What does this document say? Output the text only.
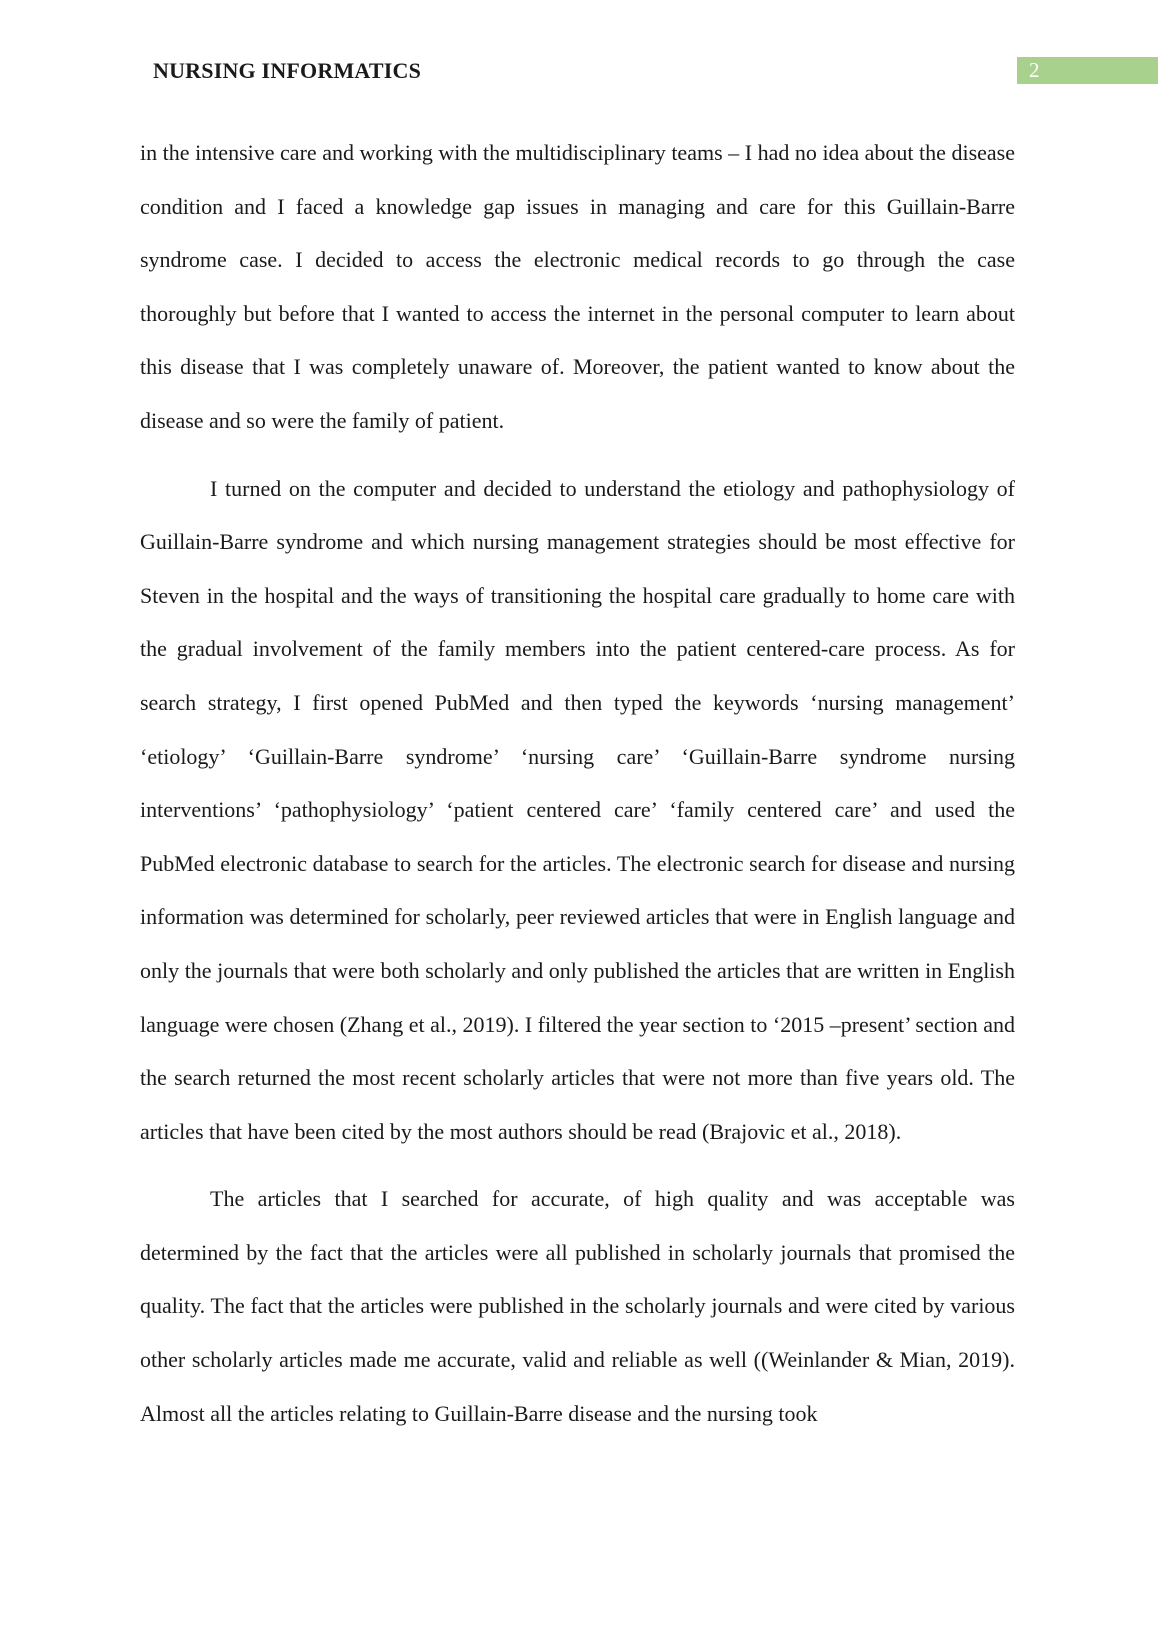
NURSING INFORMATICS	2

in the intensive care and working with the multidisciplinary teams – I had no idea about the disease condition and I faced a knowledge gap issues in managing and care for this Guillain-Barre syndrome case. I decided to access the electronic medical records to go through the case thoroughly but before that I wanted to access the internet in the personal computer to learn about this disease that I was completely unaware of. Moreover, the patient wanted to know about the disease and so were the family of patient.

I turned on the computer and decided to understand the etiology and pathophysiology of Guillain-Barre syndrome and which nursing management strategies should be most effective for Steven in the hospital and the ways of transitioning the hospital care gradually to home care with the gradual involvement of the family members into the patient centered-care process. As for search strategy, I first opened PubMed and then typed the keywords ‘nursing management’ ‘etiology’ ‘Guillain-Barre syndrome’ ‘nursing care’ ‘Guillain-Barre syndrome nursing interventions’ ‘pathophysiology’ ‘patient centered care’ ‘family centered care’ and used the PubMed electronic database to search for the articles. The electronic search for disease and nursing information was determined for scholarly, peer reviewed articles that were in English language and only the journals that were both scholarly and only published the articles that are written in English language were chosen (Zhang et al., 2019). I filtered the year section to ‘2015 –present’ section and the search returned the most recent scholarly articles that were not more than five years old. The articles that have been cited by the most authors should be read (Brajovic et al., 2018).

The articles that I searched for accurate, of high quality and was acceptable was determined by the fact that the articles were all published in scholarly journals that promised the quality. The fact that the articles were published in the scholarly journals and were cited by various other scholarly articles made me accurate, valid and reliable as well ((Weinlander & Mian, 2019). Almost all the articles relating to Guillain-Barre disease and the nursing took
